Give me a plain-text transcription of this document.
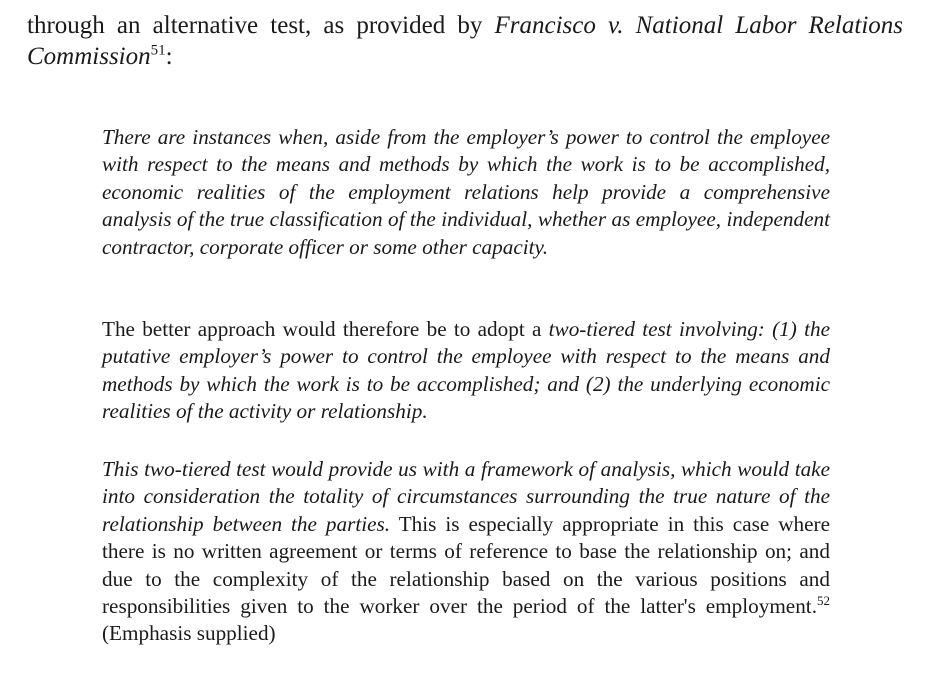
through an alternative test, as provided by Francisco v. National Labor Relations Commission$^{51}$:

There are instances when, aside from the employer’s power to control the employee with respect to the means and methods by which the work is to be accomplished, economic realities of the employment relations help provide a comprehensive analysis of the true classification of the individual, whether as employee, independent contractor, corporate officer or some other capacity.

The better approach would therefore be to adopt a two-tiered test involving: (1) the putative employer’s power to control the employee with respect to the means and methods by which the work is to be accomplished; and (2) the underlying economic realities of the activity or relationship.

This two-tiered test would provide us with a framework of analysis, which would take into consideration the totality of circumstances surrounding the true nature of the relationship between the parties. This is especially appropriate in this case where there is no written agreement or terms of reference to base the relationship on; and due to the complexity of the relationship based on the various positions and responsibilities given to the worker over the period of the latter's employment.$^{52}$ (Emphasis supplied)
